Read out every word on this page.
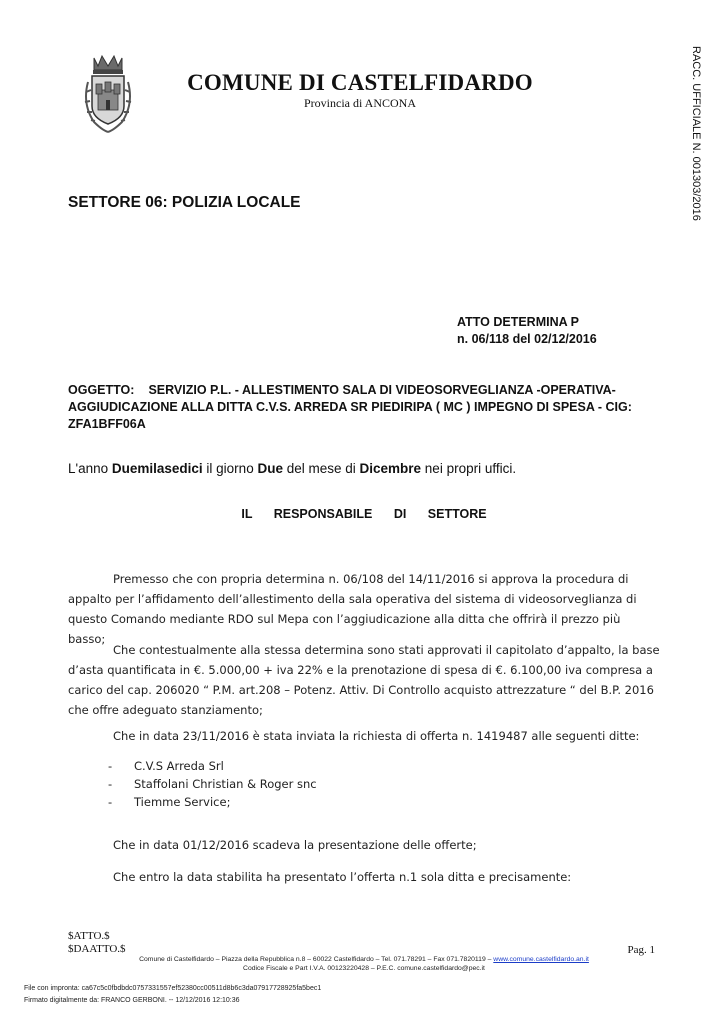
COMUNE DI CASTELFIDARDO
Provincia di ANCONA	RACC. UFFICIALE N. 001303/2016
SETTORE 06: POLIZIA LOCALE
ATTO DETERMINA P
n. 06/118 del 02/12/2016

OGGETTO: SERVIZIO P.L. - ALLESTIMENTO SALA DI VIDEOSORVEGLIANZA -OPERATIVA- AGGIUDICAZIONE ALLA DITTA C.V.S. ARREDA SR PIEDIRIPA ( MC ) IMPEGNO DI SPESA - CIG: ZFA1BFF06A

L'anno Duemilasedici il giorno Due del mese di Dicembre nei propri uffici.
IL RESPONSABILE DI SETTORE

Premesso che con propria determina n. 06/108 del 14/11/2016 si approva la procedura di appalto per l’affidamento dell’allestimento della sala operativa del sistema di videosorveglianza di questo Comando mediante RDO sul Mepa con l’aggiudicazione alla ditta che offrirà il prezzo più basso;

Che contestualmente alla stessa determina sono stati approvati il capitolato d’appalto, la base d’asta quantificata in €. 5.000,00 + iva 22% e la prenotazione di spesa di €. 6.100,00 iva compresa a carico del cap. 206020 “ P.M. art.208 – Potenz. Attiv. Di Controllo acquisto attrezzature “ del B.P. 2016 che offre adeguato stanziamento;

Che in data 23/11/2016 è stata inviata la richiesta di offerta n. 1419487 alle seguenti ditte:

- C.V.S Arreda Srl
- Staffolani Christian & Roger snc
- Tiemme Service;

Che in data 01/12/2016 scadeva la presentazione delle offerte;

Che entro la data stabilita ha presentato l’offerta n.1 sola ditta e precisamente:

$ATTO.$
$DAATTO.$	Pag. 1
Comune di Castelfidardo – Piazza della Repubblica n.8 – 60022 Castelfidardo – Tel. 071.78291 – Fax 071.7820119 – www.comune.castelfidardo.an.it
Codice Fiscale e Part I.V.A. 00123220428 – P.E.C. comune.castelfidardo@pec.it
File con impronta: ca67c5c0fbdbdc0757331557ef52380cc00511d8b6c3da07917728925fa5bec1
Firmato digitalmente da: FRANCO GERBONI. -- 12/12/2016 12:10:36
